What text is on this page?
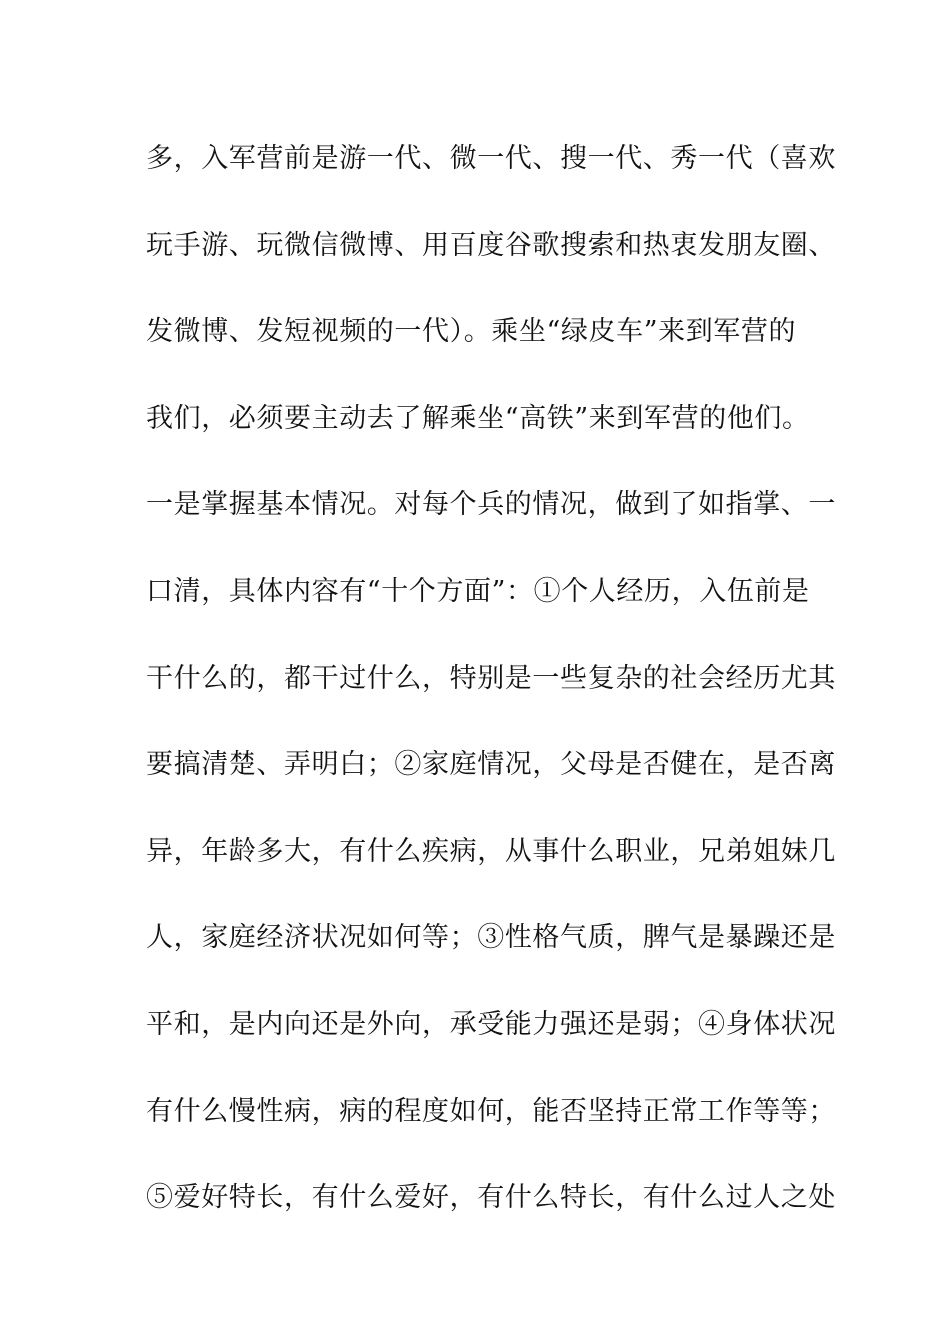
多，入军营前是游一代、微一代、搜一代、秀一代（喜欢
玩手游、玩微信微博、用百度谷歌搜索和热衷发朋友圈、
发微博、发短视频的一代）。乘坐“绿皮车”来到军营的
我们，必须要主动去了解乘坐“高铁”来到军营的他们。
一是掌握基本情况。对每个兵的情况，做到了如指掌、一
口清，具体内容有“十个方面”：①个人经历，入伍前是
干什么的，都干过什么，特别是一些复杂的社会经历尤其
要搞清楚、弄明白；②家庭情况，父母是否健在，是否离
异，年龄多大，有什么疾病，从事什么职业，兄弟姐妹几
人，家庭经济状况如何等；③性格气质，脾气是暴躁还是
平和，是内向还是外向，承受能力强还是弱；④身体状况
有什么慢性病，病的程度如何，能否坚持正常工作等等；
⑤爱好特长，有什么爱好，有什么特长，有什么过人之处
